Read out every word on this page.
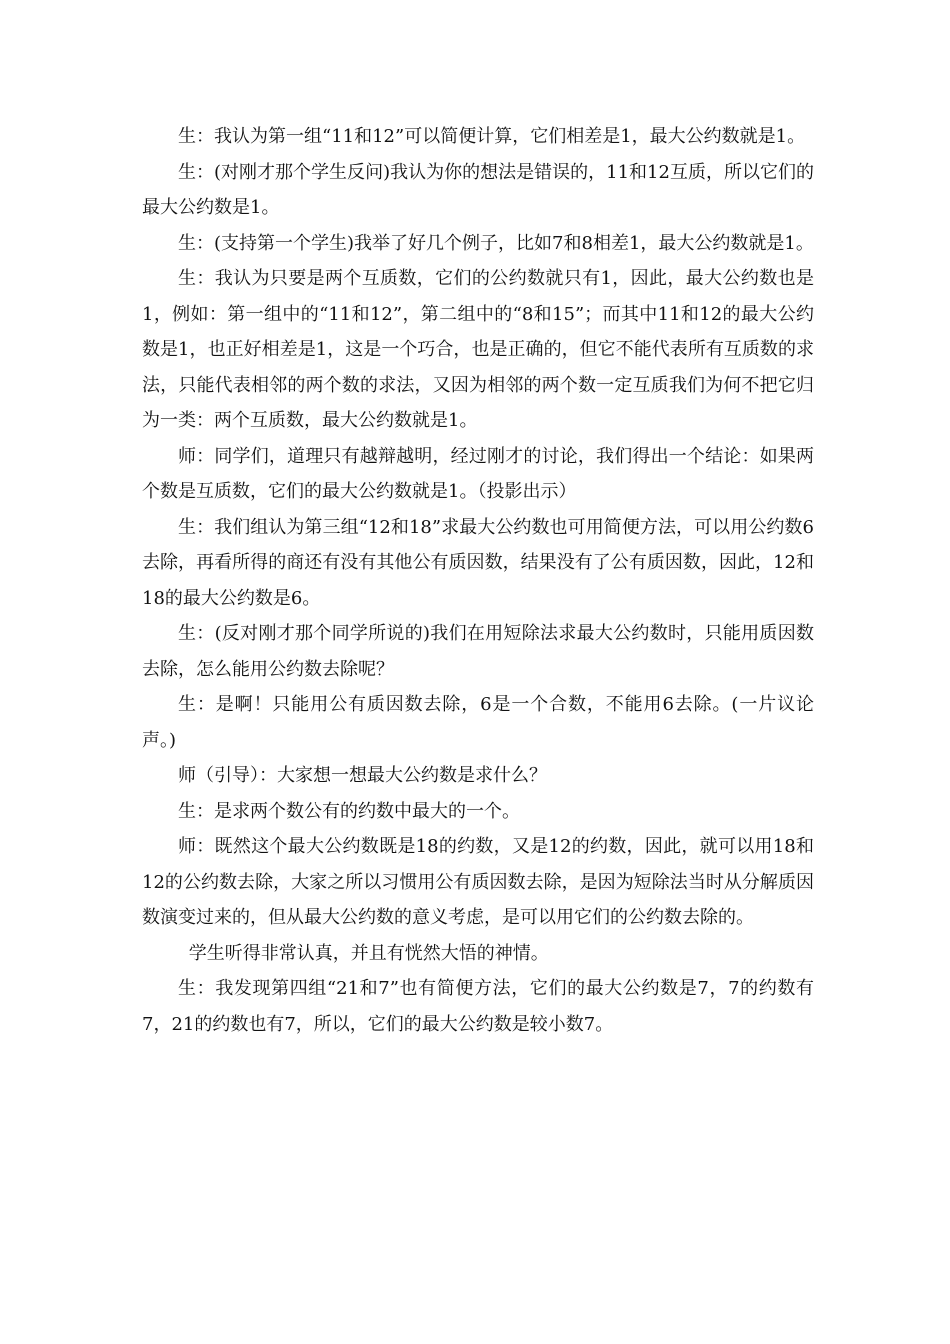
生：我认为第一组“11和12”可以简便计算，它们相差是1，最大公约数就是1。

生：(对刚才那个学生反问)我认为你的想法是错误的，11和12互质，所以它们的最大公约数是1。

生：(支持第一个学生)我举了好几个例子，比如7和8相差1，最大公约数就是1。

生：我认为只要是两个互质数，它们的公约数就只有1，因此，最大公约数也是1，例如：第一组中的“11和12”，第二组中的“8和15”；而其中11和12的最大公约数是1，也正好相差是1，这是一个巧合，也是正确的，但它不能代表所有互质数的求法，只能代表相邻的两个数的求法，又因为相邻的两个数一定互质我们为何不把它归为一类：两个互质数，最大公约数就是1。

师：同学们，道理只有越辩越明，经过刚才的讨论，我们得出一个结论：如果两个数是互质数，它们的最大公约数就是1。（投影出示）

生：我们组认为第三组“12和18”求最大公约数也可用简便方法，可以用公约数6去除，再看所得的商还有没有其他公有质因数，结果没有了公有质因数，因此，12和18的最大公约数是6。

生：(反对刚才那个同学所说的)我们在用短除法求最大公约数时，只能用质因数去除，怎么能用公约数去除呢？

生：是啊！只能用公有质因数去除，6是一个合数，不能用6去除。(一片议论声。)

师（引导）：大家想一想最大公约数是求什么？

生：是求两个数公有的约数中最大的一个。

师：既然这个最大公约数既是18的约数，又是12的约数，因此，就可以用18和12的公约数去除，大家之所以习惯用公有质因数去除，是因为短除法当时从分解质因数演变过来的，但从最大公约数的意义考虑，是可以用它们的公约数去除的。

学生听得非常认真，并且有恍然大悟的神情。

生：我发现第四组“21和7”也有简便方法，它们的最大公约数是7，7的约数有7，21的约数也有7，所以，它们的最大公约数是较小数7。
